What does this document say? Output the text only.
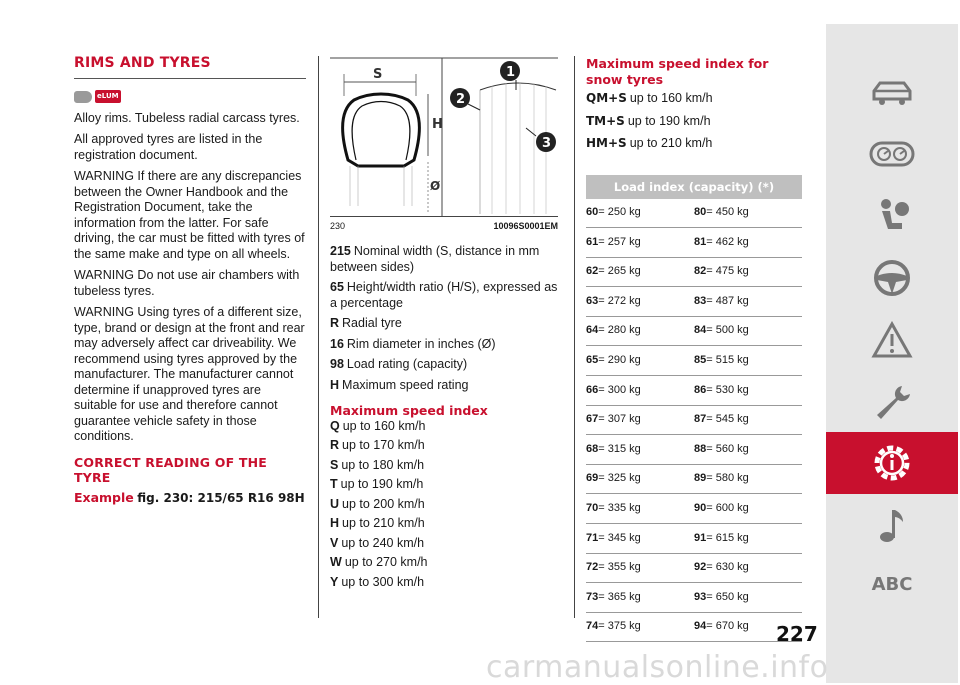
RIMS AND TYRES
eLUM

Alloy rims. Tubeless radial carcass tyres.

All approved tyres are listed in the registration document.

WARNING If there are any discrepancies between the Owner Handbook and the Registration Document, take the information from the latter. For safe driving, the car must be fitted with tyres of the same make and type on all wheels.

WARNING Do not use air chambers with tubeless tyres.

WARNING Using tyres of a different size, type, brand or design at the front and rear may adversely affect car driveability. We recommend using tyres approved by the manufacturer. The manufacturer cannot determine if unapproved tyres are suitable for use and therefore cannot guarantee vehicle safety in those conditions.

CORRECT READING OF THE TYRE
Example fig. 230: 215/65 R16 98H
S
H
Ø
1
2
3
230	10096S0001EM
215 Nominal width (S, distance in mm between sides)
65 Height/width ratio (H/S), expressed as a percentage
R Radial tyre
16 Rim diameter in inches (Ø)
98 Load rating (capacity)
H Maximum speed rating
Maximum speed index
Q up to 160 km/h
R up to 170 km/h
S up to 180 km/h
T up to 190 km/h
U up to 200 km/h
H up to 210 km/h
V up to 240 km/h
W up to 270 km/h
Y up to 300 km/h
Maximum speed index for snow tyres
QM+S up to 160 km/h
TM+S up to 190 km/h
HM+S up to 210 km/h
Load index (capacity) (*)
60= 250 kg	80= 450 kg
61= 257 kg	81= 462 kg
62= 265 kg	82= 475 kg
63= 272 kg	83= 487 kg
64= 280 kg	84= 500 kg
65= 290 kg	85= 515 kg
66= 300 kg	86= 530 kg
67= 307 kg	87= 545 kg
68= 315 kg	88= 560 kg
69= 325 kg	89= 580 kg
70= 335 kg	90= 600 kg
71= 345 kg	91= 615 kg
72= 355 kg	92= 630 kg
73= 365 kg	93= 650 kg
74= 375 kg	94= 670 kg
ABC
227
carmanualsonline.info
